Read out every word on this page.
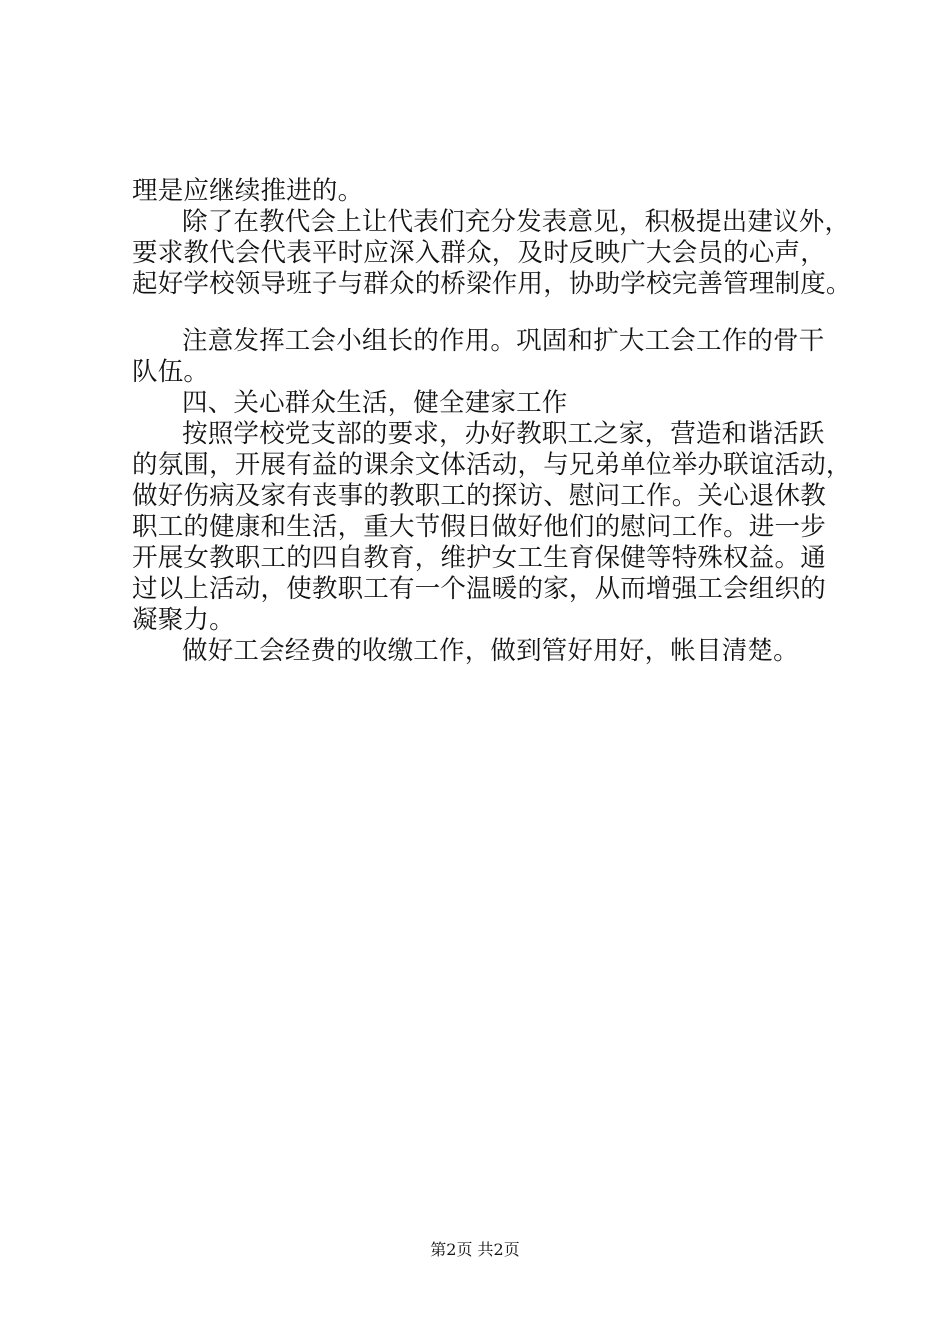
理是应继续推进的。
除了在教代会上让代表们充分发表意见，积极提出建议外，
要求教代会代表平时应深入群众，及时反映广大会员的心声，
起好学校领导班子与群众的桥梁作用，协助学校完善管理制度。
注意发挥工会小组长的作用。巩固和扩大工会工作的骨干
队伍。
四、关心群众生活，健全建家工作
按照学校党支部的要求，办好教职工之家，营造和谐活跃
的氛围，开展有益的课余文体活动，与兄弟单位举办联谊活动，
做好伤病及家有丧事的教职工的探访、慰问工作。关心退休教
职工的健康和生活，重大节假日做好他们的慰问工作。进一步
开展女教职工的四自教育，维护女工生育保健等特殊权益。通
过以上活动，使教职工有一个温暖的家，从而增强工会组织的
凝聚力。
做好工会经费的收缴工作，做到管好用好，帐目清楚。
第2页 共2页
